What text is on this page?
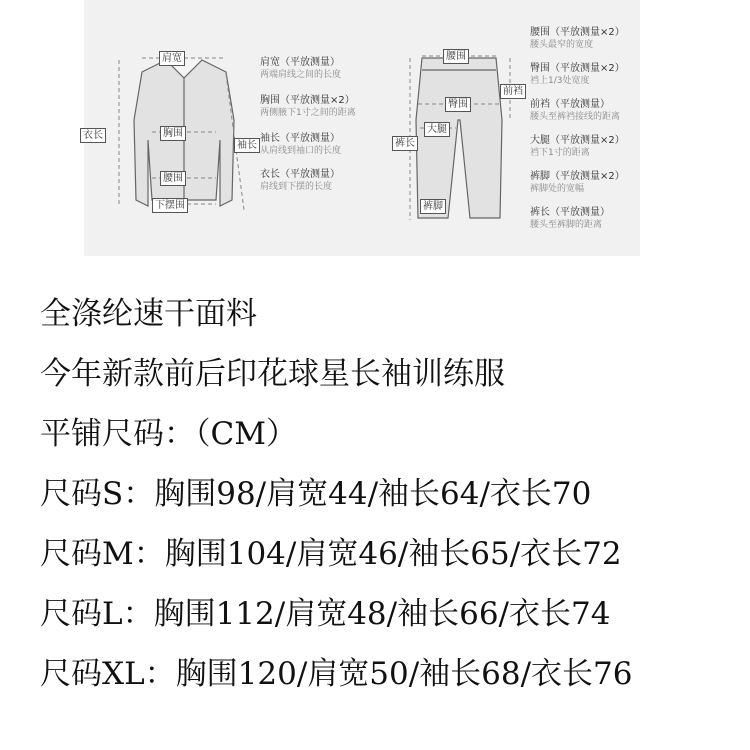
肩宽
衣长	胸围
袖长
腰围
下摆围
肩宽（平放测量）
两端肩线之间的长度
胸围（平放测量×2）
两侧腋下1寸之间的距离
袖长（平放测量）
从肩线到袖口的长度
衣长（平放测量）
肩线到下摆的长度
腰围
臀围
前裆
大腿
裤长
裤脚
腰围（平放测量×2）
腰头最窄的宽度
臀围（平放测量×2）
裆上1/3处宽度
前裆（平放测量）
腰头至裤裆接线的距离
大腿（平放测量×2）
裆下1寸的距离
裤脚（平放测量×2）
裤脚处的宽幅
裤长（平放测量）
腰头至裤脚的距离
全涤纶速干面料
今年新款前后印花球星长袖训练服
平铺尺码：（CM）
尺码S：胸围98/肩宽44/袖长64/衣长70
尺码M：胸围104/肩宽46/袖长65/衣长72
尺码L：胸围112/肩宽48/袖长66/衣长74
尺码XL：胸围120/肩宽50/袖长68/衣长76
